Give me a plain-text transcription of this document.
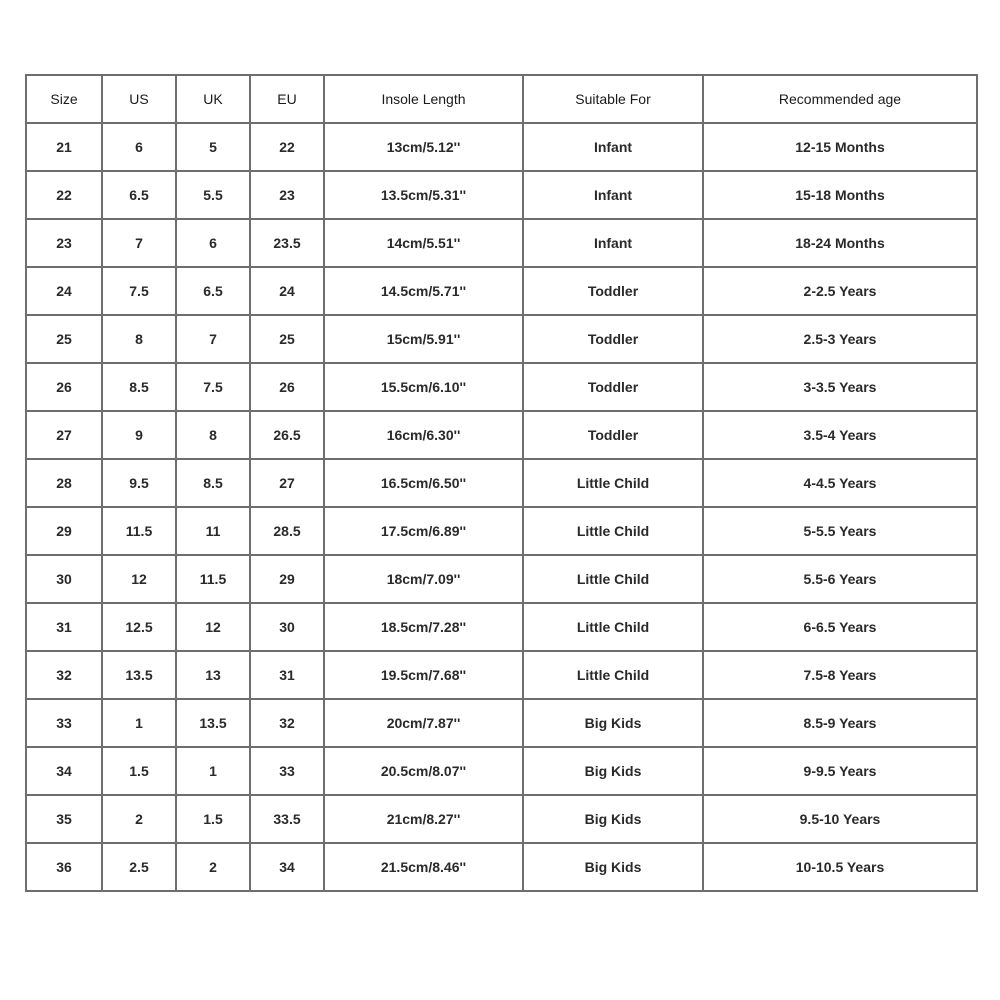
Size	US	UK	EU	Insole Length	Suitable For	Recommended age
21	6	5	22	13cm/5.12''	Infant	12-15 Months
22	6.5	5.5	23	13.5cm/5.31''	Infant	15-18 Months
23	7	6	23.5	14cm/5.51''	Infant	18-24 Months
24	7.5	6.5	24	14.5cm/5.71''	Toddler	2-2.5 Years
25	8	7	25	15cm/5.91''	Toddler	2.5-3 Years
26	8.5	7.5	26	15.5cm/6.10''	Toddler	3-3.5 Years
27	9	8	26.5	16cm/6.30''	Toddler	3.5-4 Years
28	9.5	8.5	27	16.5cm/6.50''	Little Child	4-4.5 Years
29	11.5	11	28.5	17.5cm/6.89''	Little Child	5-5.5 Years
30	12	11.5	29	18cm/7.09''	Little Child	5.5-6 Years
31	12.5	12	30	18.5cm/7.28''	Little Child	6-6.5 Years
32	13.5	13	31	19.5cm/7.68''	Little Child	7.5-8 Years
33	1	13.5	32	20cm/7.87''	Big Kids	8.5-9 Years
34	1.5	1	33	20.5cm/8.07''	Big Kids	9-9.5 Years
35	2	1.5	33.5	21cm/8.27''	Big Kids	9.5-10 Years
36	2.5	2	34	21.5cm/8.46''	Big Kids	10-10.5 Years
